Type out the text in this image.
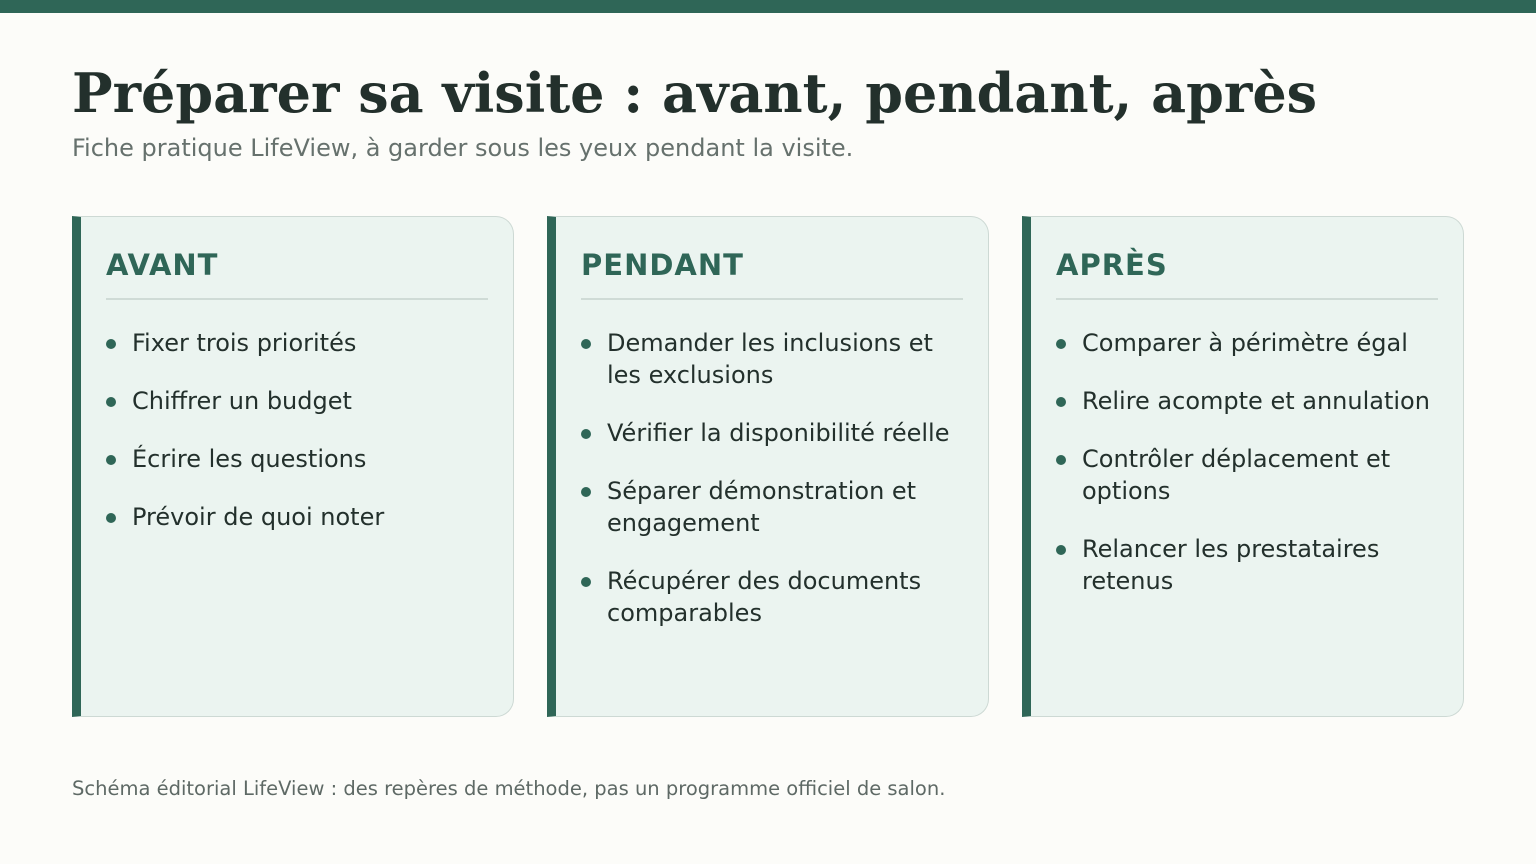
Préparer sa visite : avant, pendant, après
Fiche pratique LifeView, à garder sous les yeux pendant la visite.
AVANT
Fixer trois priorités
Chiffrer un budget
Écrire les questions
Prévoir de quoi noter
PENDANT
Demander les inclusions et les exclusions
Vérifier la disponibilité réelle
Séparer démonstration et engagement
Récupérer des documents comparables
APRÈS
Comparer à périmètre égal
Relire acompte et annulation
Contrôler déplacement et options
Relancer les prestataires retenus
Schéma éditorial LifeView : des repères de méthode, pas un programme officiel de salon.
